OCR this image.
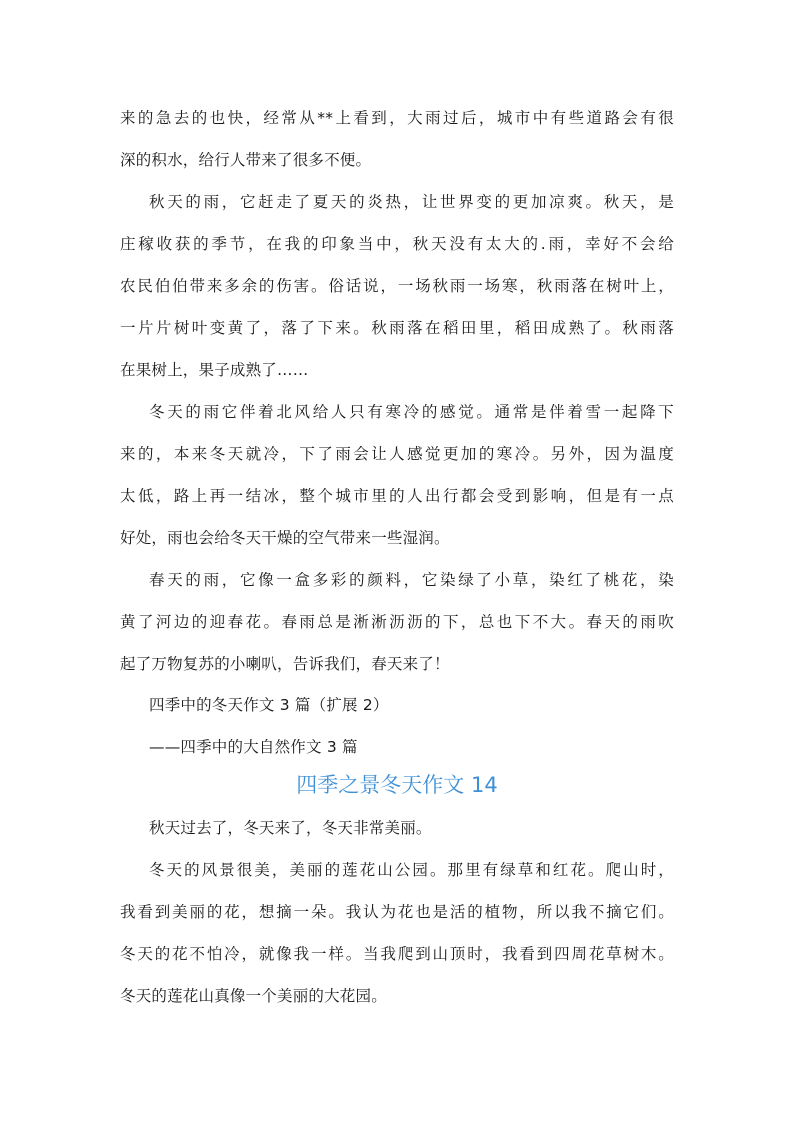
来的急去的也快，经常从**上看到，大雨过后，城市中有些道路会有很
深的积水，给行人带来了很多不便。
秋天的雨，它赶走了夏天的炎热，让世界变的更加凉爽。秋天，是
庄稼收获的季节，在我的印象当中，秋天没有太大的.雨，幸好不会给
农民伯伯带来多余的伤害。俗话说，一场秋雨一场寒，秋雨落在树叶上，
一片片树叶变黄了，落了下来。秋雨落在稻田里，稻田成熟了。秋雨落
在果树上，果子成熟了……
冬天的雨它伴着北风给人只有寒冷的感觉。通常是伴着雪一起降下
来的，本来冬天就冷，下了雨会让人感觉更加的寒冷。另外，因为温度
太低，路上再一结冰，整个城市里的人出行都会受到影响，但是有一点
好处，雨也会给冬天干燥的空气带来一些湿润。
春天的雨，它像一盒多彩的颜料，它染绿了小草，染红了桃花，染
黄了河边的迎春花。春雨总是淅淅沥沥的下，总也下不大。春天的雨吹
起了万物复苏的小喇叭，告诉我们，春天来了！
四季中的冬天作文 3 篇（扩展 2）
——四季中的大自然作文 3 篇
四季之景冬天作文 14
秋天过去了，冬天来了，冬天非常美丽。
冬天的风景很美，美丽的莲花山公园。那里有绿草和红花。爬山时，
我看到美丽的花，想摘一朵。我认为花也是活的植物，所以我不摘它们。
冬天的花不怕冷，就像我一样。当我爬到山顶时，我看到四周花草树木。
冬天的莲花山真像一个美丽的大花园。
